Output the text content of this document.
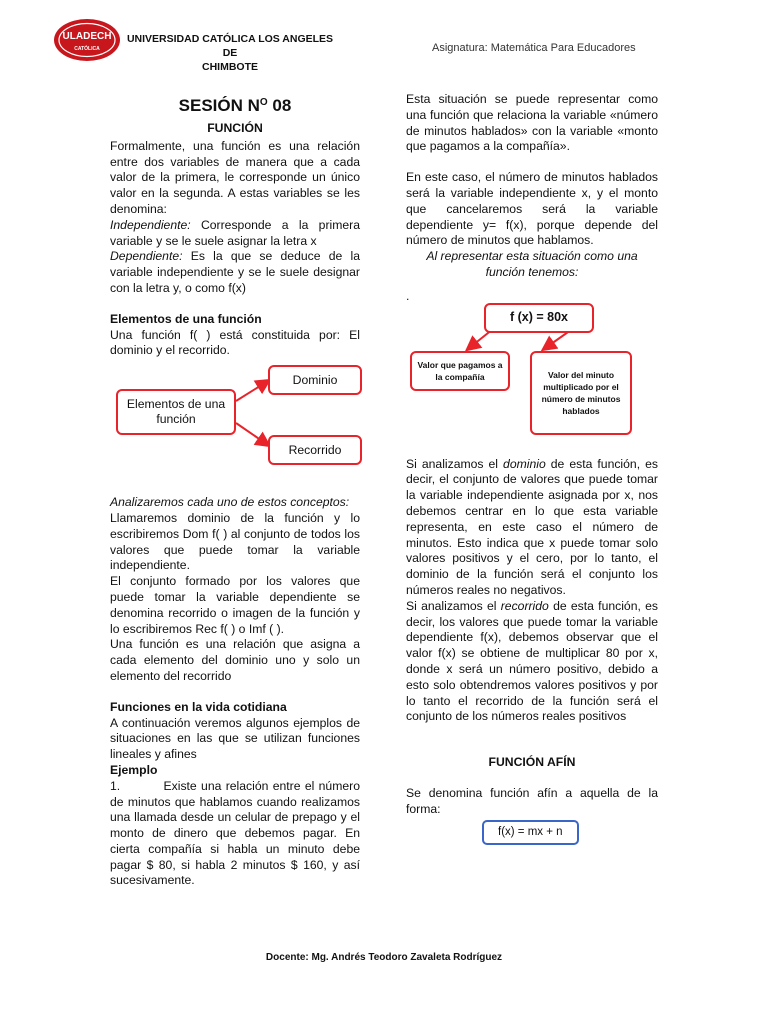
ULADECH
CATÓLICA
UNIVERSIDAD CATÓLICA LOS ANGELES DE
CHIMBOTE
Asignatura: Matemática Para Educadores
SESIÓN $N^O$ 08

FUNCIÓN

Formalmente, una función es una relación entre dos variables de manera que a cada valor de la primera, le corresponde un único valor en la segunda. A estas variables se les denomina:

Independiente: Corresponde a la primera variable y se le suele asignar la letra x

Dependiente: Es la que se deduce de la variable independiente y se le suele designar con la letra y, o como f(x)

Elementos de una función

Una función f( ) está constituida por: El dominio y el recorrido.

Elementos de una función
Dominio
Recorrido

Analizaremos cada uno de estos conceptos:

Llamaremos dominio de la función y lo escribiremos Dom f( ) al conjunto de todos los valores que puede tomar la variable independiente.

El conjunto formado por los valores que puede tomar la variable dependiente se denomina recorrido o imagen de la función y lo escribiremos Rec f( ) o Imf ( ).

Una función es una relación que asigna a cada elemento del dominio uno y solo un elemento del recorrido

Funciones en la vida cotidiana

A continuación veremos algunos ejemplos de situaciones en las que se utilizan funciones lineales y afines

Ejemplo

1.	Existe una relación entre el número de minutos que hablamos cuando realizamos una llamada desde un celular de prepago y el monto de dinero que debemos pagar. En cierta compañía si habla un minuto debe pagar $ 80, si habla 2 minutos $ 160, y así sucesivamente.

Esta situación se puede representar como una función que relaciona la variable «número de minutos hablados» con la variable «monto que pagamos a la compañía».

En este caso, el número de minutos hablados será la variable independiente x, y el monto que cancelaremos será la variable dependiente y= f(x), porque depende del número de minutos que hablamos.

Al representar esta situación como una función tenemos:

.

f (x) = 80x
Valor que pagamos a la compañía	Valor del minuto multiplicado por el número de minutos hablados

Si analizamos el dominio de esta función, es decir, el conjunto de valores que puede tomar la variable independiente asignada por x, nos debemos centrar en lo que esta variable representa, en este caso el número de minutos. Esto indica que x puede tomar solo valores positivos y el cero, por lo tanto, el dominio de la función será el conjunto los números reales no negativos.

Si analizamos el recorrido de esta función, es decir, los valores que puede tomar la variable dependiente f(x), debemos observar que el valor f(x) se obtiene de multiplicar 80 por x, donde x será un número positivo, debido a esto solo obtendremos valores positivos y por lo tanto el recorrido de la función será el conjunto de los números reales positivos

FUNCIÓN AFÍN

Se denomina función afín a aquella de la forma:

f(x) = mx + n
Docente: Mg. Andrés Teodoro Zavaleta Rodríguez
